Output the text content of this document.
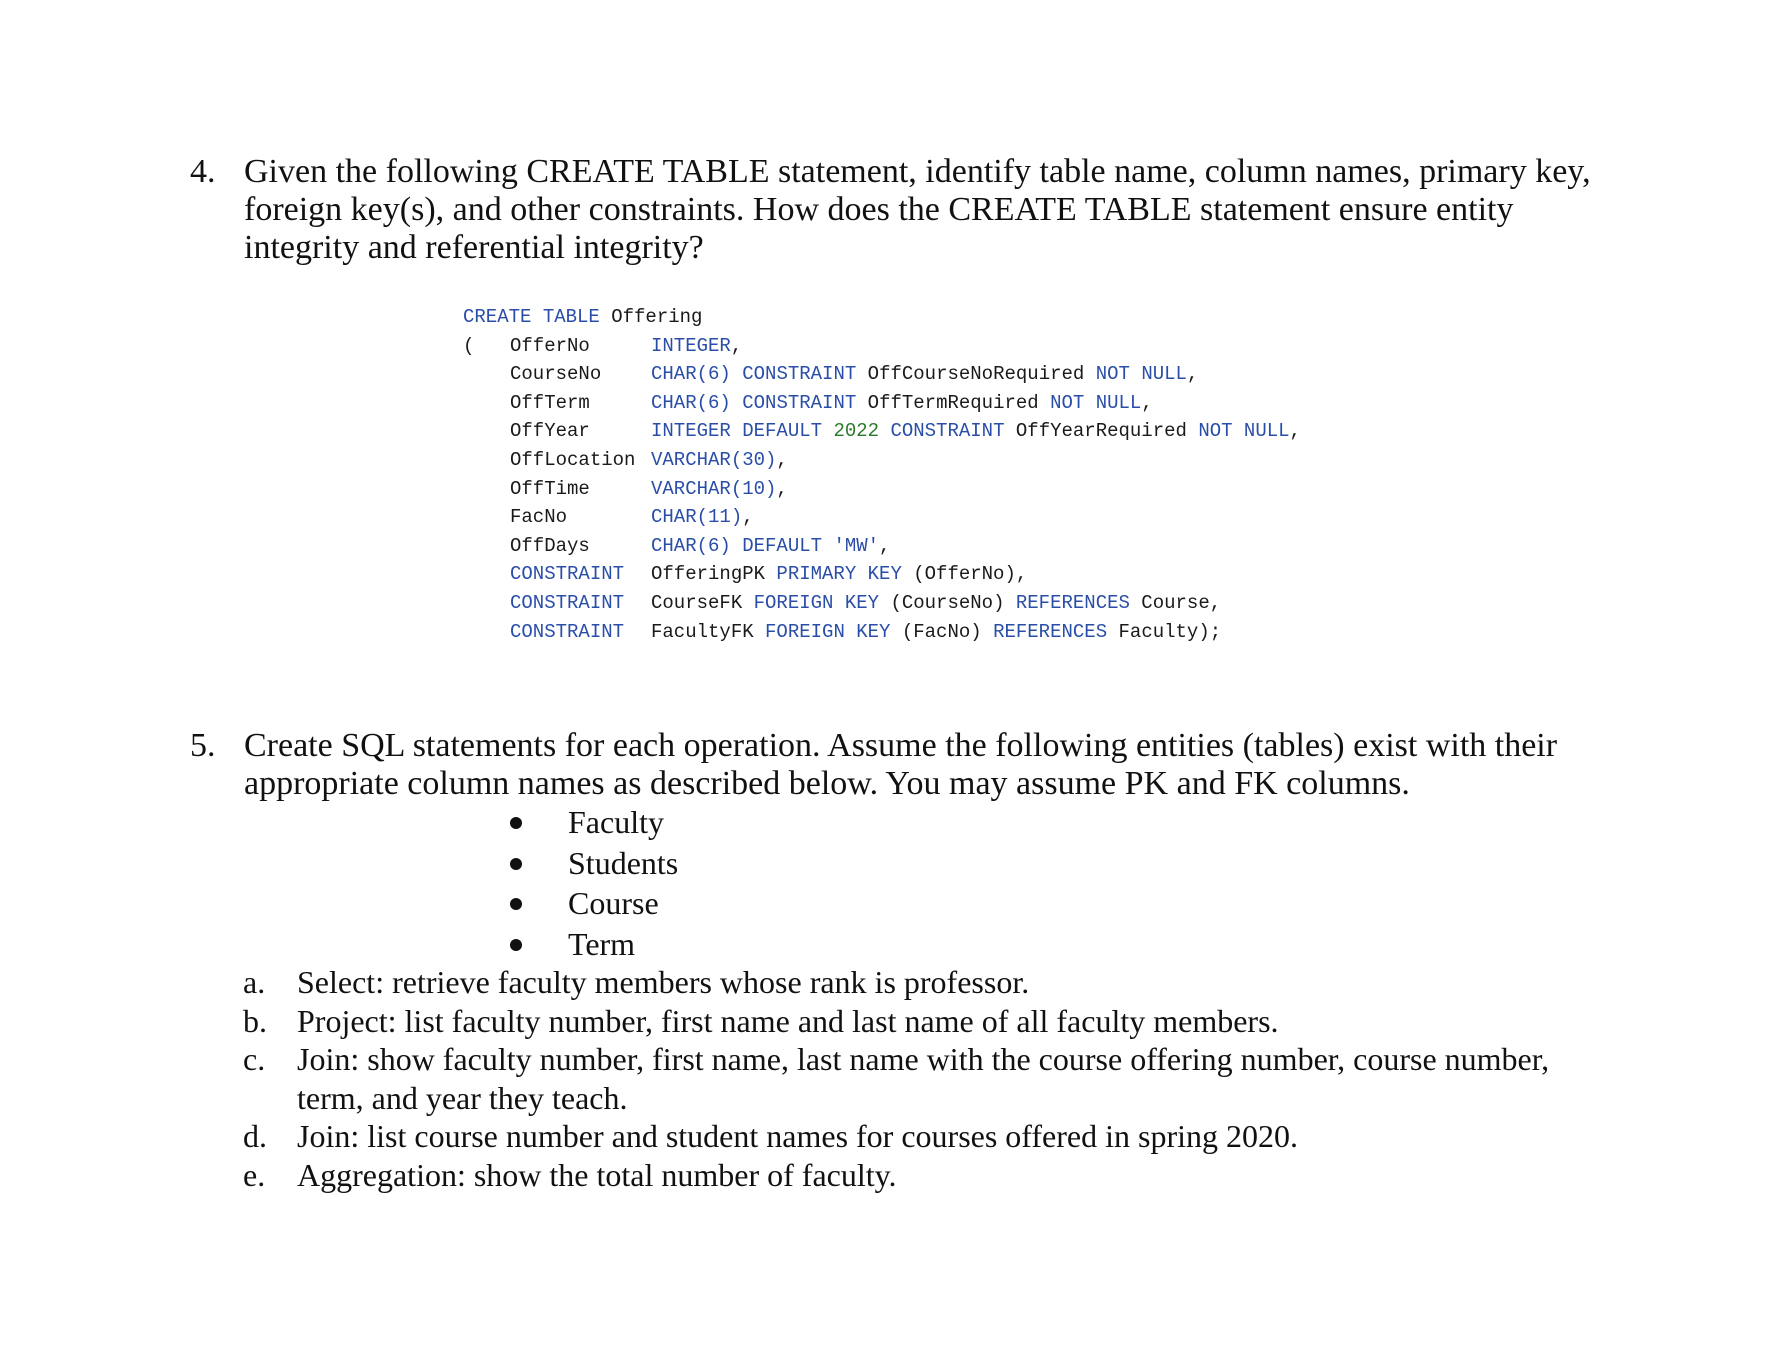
4. Given the following CREATE TABLE statement, identify table name, column names, primary key,
foreign key(s), and other constraints. How does the CREATE TABLE statement ensure entity
integrity and referential integrity?
CREATE TABLE Offering
( OfferNo	INTEGER,
CourseNo	CHAR(6) CONSTRAINT OffCourseNoRequired NOT NULL,
OffTerm	CHAR(6) CONSTRAINT OffTermRequired NOT NULL,
OffYear	INTEGER DEFAULT 2022 CONSTRAINT OffYearRequired NOT NULL,
OffLocation VARCHAR(30),
OffTime	VARCHAR(10),
FacNo	CHAR(11),
OffDays	CHAR(6) DEFAULT 'MW',
CONSTRAINT OfferingPK PRIMARY KEY (OfferNo),
CONSTRAINT CourseFK FOREIGN KEY (CourseNo) REFERENCES Course,
CONSTRAINT FacultyFK FOREIGN KEY (FacNo) REFERENCES Faculty);
5. Create SQL statements for each operation. Assume the following entities (tables) exist with their
appropriate column names as described below. You may assume PK and FK columns.
Faculty
Students
Course
Term
a. Select: retrieve faculty members whose rank is professor.
b. Project: list faculty number, first name and last name of all faculty members.
c. Join: show faculty number, first name, last name with the course offering number, course number,
term, and year they teach.
d. Join: list course number and student names for courses offered in spring 2020.
e. Aggregation: show the total number of faculty.
